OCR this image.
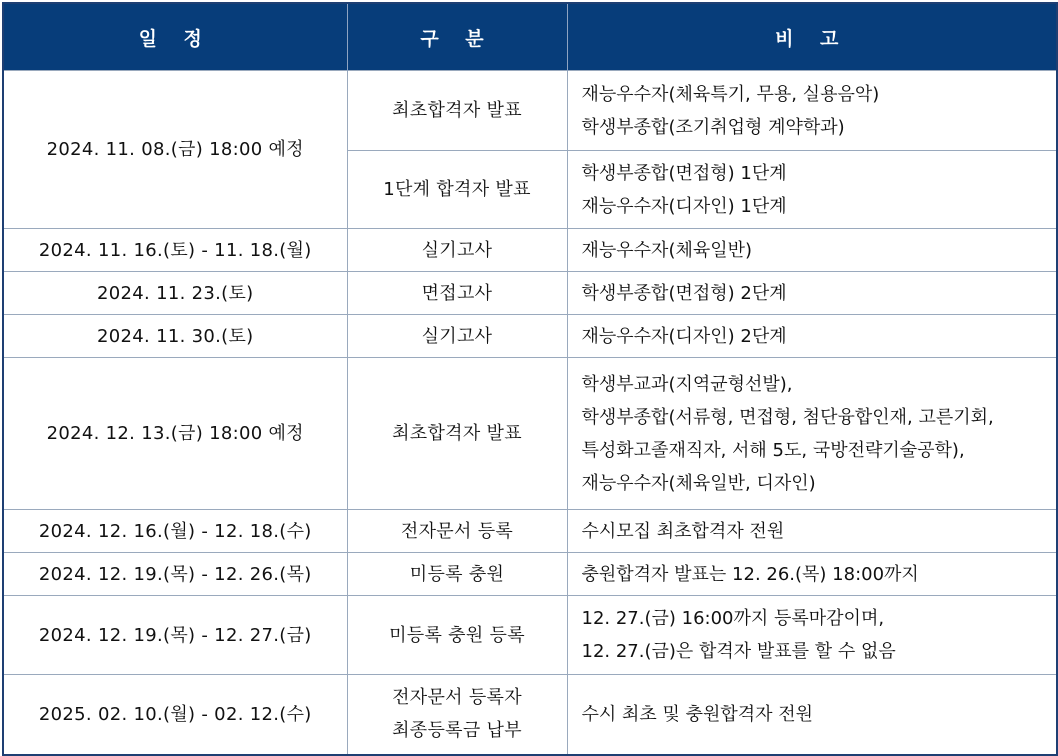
일 정	구 분	비 고
2024. 11. 08.(금) 18:00 예정	최초합격자 발표	재능우수자(체육특기, 무용, 실용음악)
학생부종합(조기취업형 계약학과)

	1단계 합격자 발표	학생부종합(면접형) 1단계
재능우수자(디자인) 1단계

2024. 11. 16.(토) - 11. 18.(월)	실기고사	재능우수자(체육일반)

2024. 11. 23.(토)	면접고사	학생부종합(면접형) 2단계

2024. 11. 30.(토)	실기고사	재능우수자(디자인) 2단계

2024. 12. 13.(금) 18:00 예정	최초합격자 발표	학생부교과(지역균형선발),
학생부종합(서류형, 면접형, 첨단융합인재, 고른기회,
특성화고졸재직자, 서해 5도, 국방전략기술공학),
재능우수자(체육일반, 디자인)

2024. 12. 16.(월) - 12. 18.(수)	전자문서 등록	수시모집 최초합격자 전원

2024. 12. 19.(목) - 12. 26.(목)	미등록 충원	충원합격자 발표는 12. 26.(목) 18:00까지

2024. 12. 19.(목) - 12. 27.(금)	미등록 충원 등록	12. 27.(금) 16:00까지 등록마감이며,
12. 27.(금)은 합격자 발표를 할 수 없음

2025. 02. 10.(월) - 02. 12.(수)	전자문서 등록자
최종등록금 납부	수시 최초 및 충원합격자 전원
